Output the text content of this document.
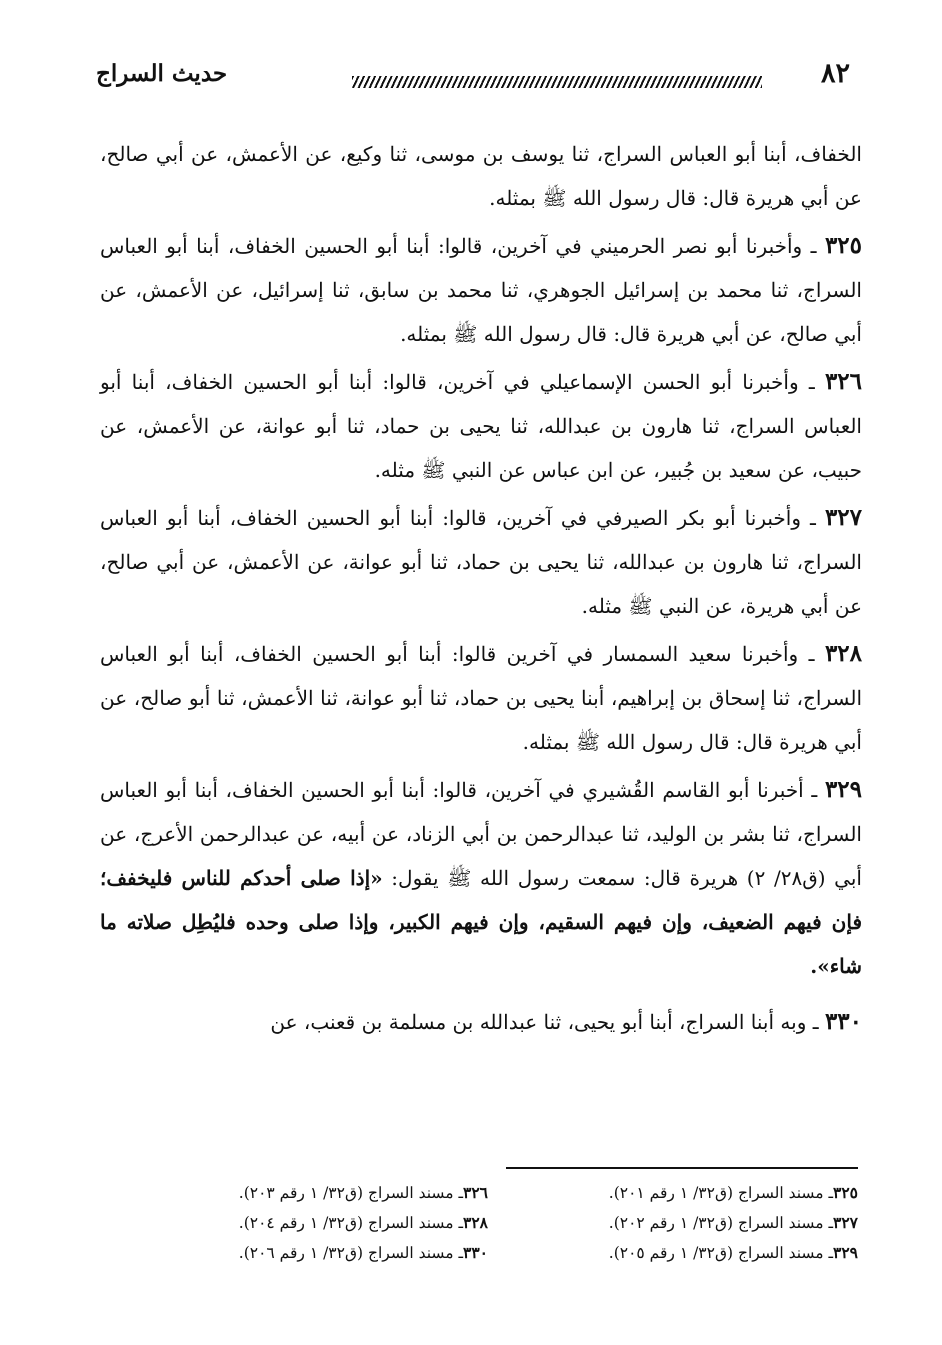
٨٢
حديث السراج

الخفاف، أبنا أبو العباس السراج، ثنا يوسف بن موسى، ثنا وكيع، عن الأعمش، عن أبي صالح، عن أبي هريرة قال: قال رسول الله ﷺ بمثله.

٣٢٥ ـ وأخبرنا أبو نصر الحرميني في آخرين، قالوا: أبنا أبو الحسين الخفاف، أبنا أبو العباس السراج، ثنا محمد بن إسرائيل الجوهري، ثنا محمد بن سابق، ثنا إسرائيل، عن الأعمش، عن أبي صالح، عن أبي هريرة قال: قال رسول الله ﷺ بمثله.

٣٢٦ ـ وأخبرنا أبو الحسن الإسماعيلي في آخرين، قالوا: أبنا أبو الحسين الخفاف، أبنا أبو العباس السراج، ثنا هارون بن عبدالله، ثنا يحيى بن حماد، ثنا أبو عوانة، عن الأعمش، عن حبيب، عن سعيد بن جُبير، عن ابن عباس عن النبي ﷺ مثله.

٣٢٧ ـ وأخبرنا أبو بكر الصيرفي في آخرين، قالوا: أبنا أبو الحسين الخفاف، أبنا أبو العباس السراج، ثنا هارون بن عبدالله، ثنا يحيى بن حماد، ثنا أبو عوانة، عن الأعمش، عن أبي صالح، عن أبي هريرة، عن النبي ﷺ مثله.

٣٢٨ ـ وأخبرنا سعيد السمسار في آخرين قالوا: أبنا أبو الحسين الخفاف، أبنا أبو العباس السراج، ثنا إسحاق بن إبراهيم، أبنا يحيى بن حماد، ثنا أبو عوانة، ثنا الأعمش، ثنا أبو صالح، عن أبي هريرة قال: قال رسول الله ﷺ بمثله.

٣٢٩ ـ أخبرنا أبو القاسم القُشيري في آخرين، قالوا: أبنا أبو الحسين الخفاف، أبنا أبو العباس السراج، ثنا بشر بن الوليد، ثنا عبدالرحمن بن أبي الزناد، عن أبيه، عن عبدالرحمن الأعرج، عن أبي (ق٢٨/ ٢) هريرة قال: سمعت رسول الله ﷺ يقول: «إذا صلى أحدكم للناس فليخفف؛ فإن فيهم الضعيف، وإن فيهم السقيم، وإن فيهم الكبير، وإذا صلى وحده فليُطِل صلاته ما شاء».

٣٣٠ ـ وبه أبنا السراج، أبنا أبو يحيى، ثنا عبدالله بن مسلمة بن قعنب، عن

٣٢٥ـ مسند السراج (ق٣٢/ ١ رقم ٢٠١).
٣٢٦ـ مسند السراج (ق٣٢/ ١ رقم ٢٠٣).
٣٢٧ـ مسند السراج (ق٣٢/ ١ رقم ٢٠٢).
٣٢٨ـ مسند السراج (ق٣٢/ ١ رقم ٢٠٤).
٣٢٩ـ مسند السراج (ق٣٢/ ١ رقم ٢٠٥).
٣٣٠ـ مسند السراج (ق٣٢/ ١ رقم ٢٠٦).
